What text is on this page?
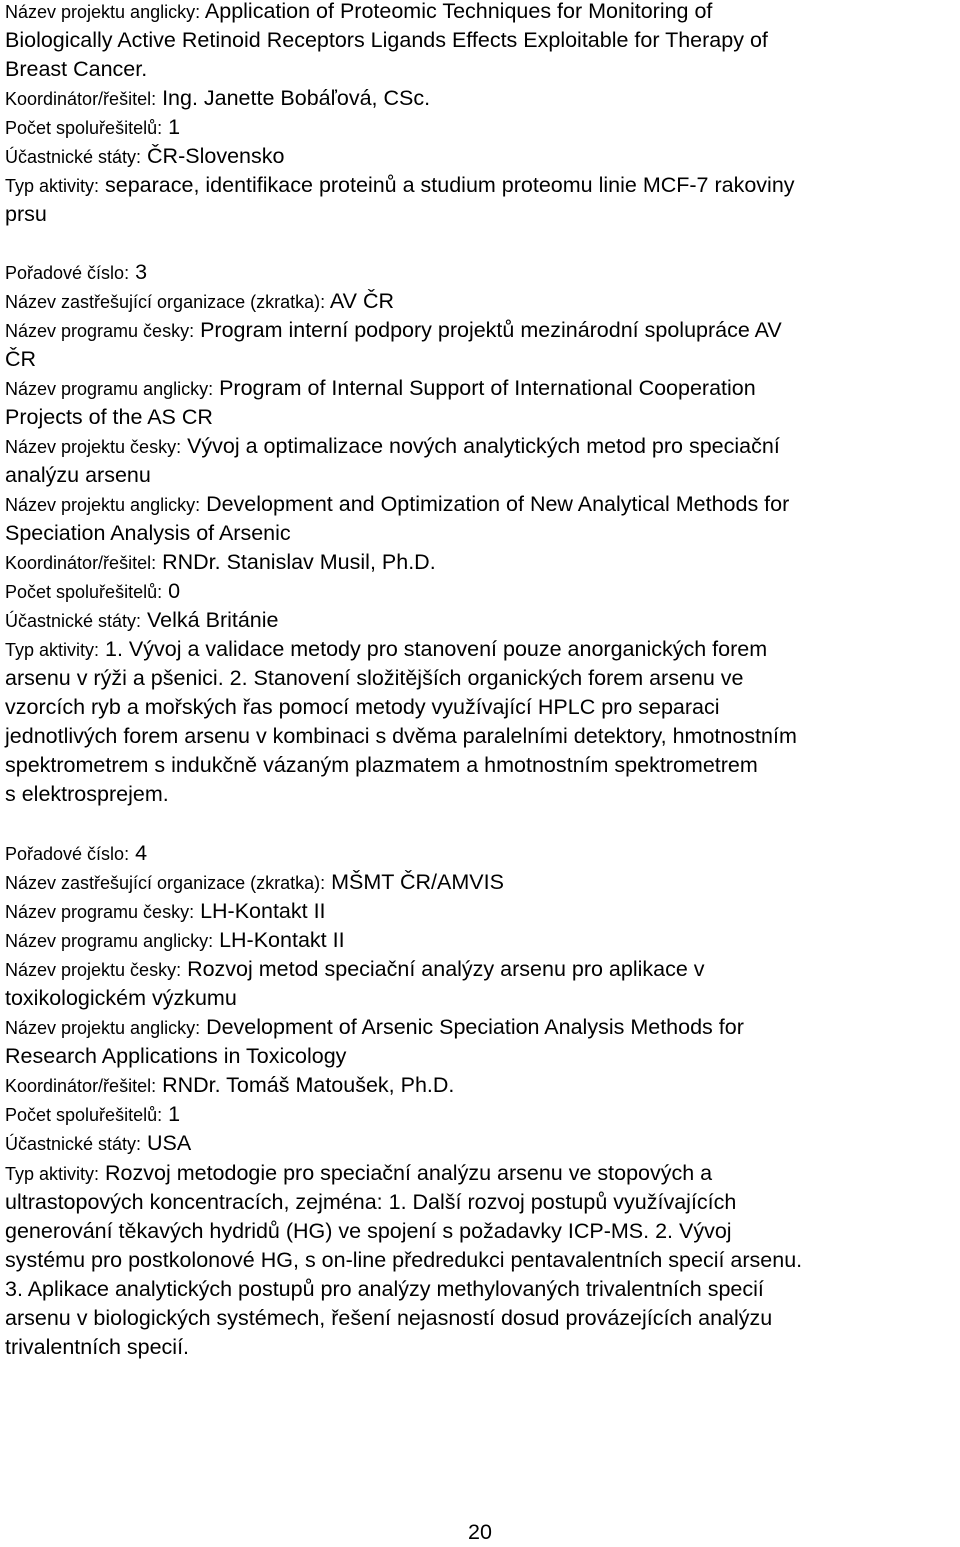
Název projektu anglicky: Application of Proteomic Techniques for Monitoring of
Biologically Active Retinoid Receptors Ligands Effects Exploitable for Therapy of
Breast Cancer.
Koordinátor/řešitel: Ing. Janette Bobáľová, CSc.
Počet spoluřešitelů: 1
Účastnické státy: ČR-Slovensko
Typ aktivity: separace, identifikace proteinů a studium proteomu linie MCF-7 rakoviny
prsu
Pořadové číslo: 3
Název zastřešující organizace (zkratka): AV ČR
Název programu česky: Program interní podpory projektů mezinárodní spolupráce AV
ČR
Název programu anglicky: Program of Internal Support of International Cooperation
Projects of the AS CR
Název projektu česky: Vývoj a optimalizace nových analytických metod pro speciační
analýzu arsenu
Název projektu anglicky: Development and Optimization of New Analytical Methods for
Speciation Analysis of Arsenic
Koordinátor/řešitel: RNDr. Stanislav Musil, Ph.D.
Počet spoluřešitelů: 0
Účastnické státy: Velká Británie
Typ aktivity: 1. Vývoj a validace metody pro stanovení pouze anorganických forem
arsenu v rýži a pšenici. 2. Stanovení složitějších organických forem arsenu ve
vzorcích ryb a mořských řas pomocí metody využívající HPLC pro separaci
jednotlivých forem arsenu v kombinaci s dvěma paralelními detektory, hmotnostním
spektrometrem s indukčně vázaným plazmatem a hmotnostním spektrometrem
s elektrosprejem.
Pořadové číslo: 4
Název zastřešující organizace (zkratka): MŠMT ČR/AMVIS
Název programu česky: LH-Kontakt II
Název programu anglicky: LH-Kontakt II
Název projektu česky: Rozvoj metod speciační analýzy arsenu pro aplikace v
toxikologickém výzkumu
Název projektu anglicky: Development of Arsenic Speciation Analysis Methods for
Research Applications in Toxicology
Koordinátor/řešitel: RNDr. Tomáš Matoušek, Ph.D.
Počet spoluřešitelů: 1
Účastnické státy: USA
Typ aktivity: Rozvoj metodogie pro speciační analýzu arsenu ve stopových a
ultrastopových koncentracích, zejména: 1. Další rozvoj postupů využívajících
generování těkavých hydridů (HG) ve spojení s požadavky ICP-MS. 2. Vývoj
systému pro postkolonové HG, s on-line předredukci pentavalentních specií arsenu.
3. Aplikace analytických postupů pro analýzy methylovaných trivalentních specií
arsenu v biologických systémech, řešení nejasností dosud provázejících analýzu
trivalentních specií.
20
